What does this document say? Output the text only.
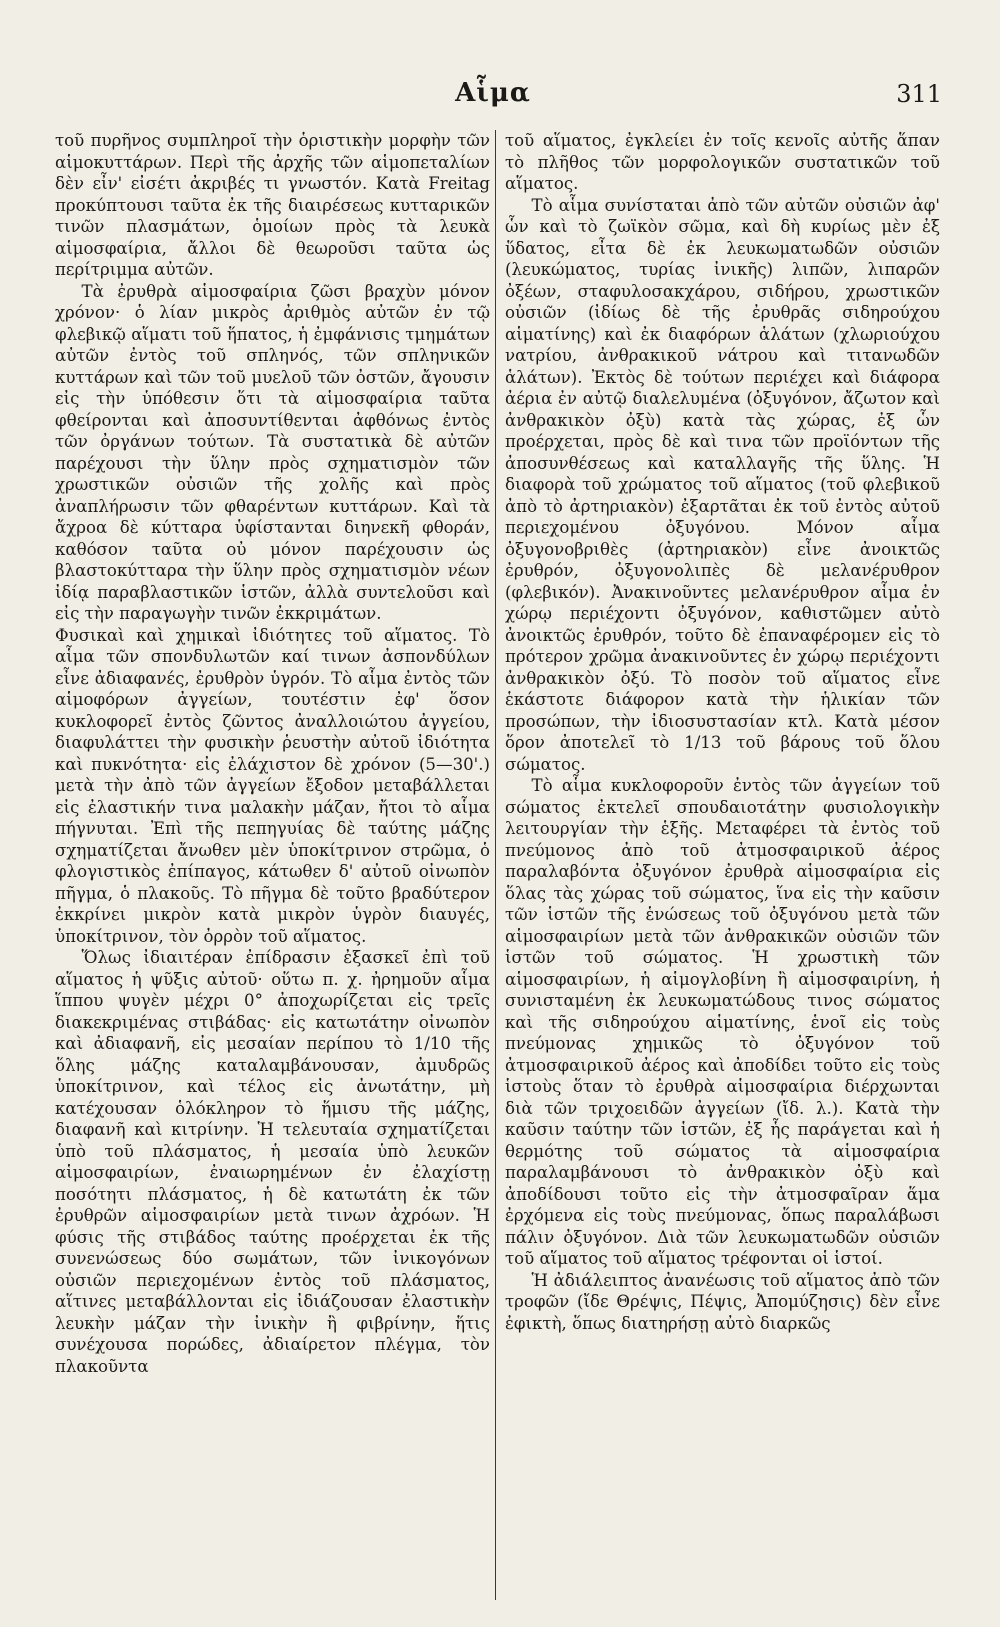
Αἷμα	311

τοῦ πυρῆνος συμπληροῖ τὴν ὁριστικὴν μορφὴν τῶν αἱμοκυττάρων. Περὶ τῆς ἀρχῆς τῶν αἱμοπεταλίων δὲν εἶν' εἰσέτι ἀκριβές τι γνωστόν. Κατὰ Freitag προκύπτουσι ταῦτα ἐκ τῆς διαιρέσεως κυτταρικῶν τινῶν πλασμάτων, ὁμοίων πρὸς τὰ λευκὰ αἱμοσφαίρια, ἄλλοι δὲ θεωροῦσι ταῦτα ὡς περίτριμμα αὐτῶν.

Τὰ ἐρυθρὰ αἱμοσφαίρια ζῶσι βραχὺν μόνον χρόνον· ὁ λίαν μικρὸς ἀριθμὸς αὐτῶν ἐν τῷ φλεβικῷ αἵματι τοῦ ἥπατος, ἡ ἐμφάνισις τμημάτων αὐτῶν ἐντὸς τοῦ σπληνός, τῶν σπληνικῶν κυττάρων καὶ τῶν τοῦ μυελοῦ τῶν ὀστῶν, ἄγουσιν εἰς τὴν ὑπόθεσιν ὅτι τὰ αἱμοσφαίρια ταῦτα φθείρονται καὶ ἀποσυντίθενται ἀφθόνως ἐντὸς τῶν ὀργάνων τούτων. Τὰ συστατικὰ δὲ αὐτῶν παρέχουσι τὴν ὕλην πρὸς σχηματισμὸν τῶν χρωστικῶν οὐσιῶν τῆς χολῆς καὶ πρὸς ἀναπλήρωσιν τῶν φθαρέντων κυττάρων. Καὶ τὰ ἄχροα δὲ κύτταρα ὑφίστανται διηνεκῆ φθοράν, καθόσον ταῦτα οὐ μόνον παρέχουσιν ὡς βλαστοκύτταρα τὴν ὕλην πρὸς σχηματισμὸν νέων ἰδίᾳ παραβλαστικῶν ἱστῶν, ἀλλὰ συντελοῦσι καὶ εἰς τὴν παραγωγὴν τινῶν ἐκκριμάτων.

Φυσικαὶ καὶ χημικαὶ ἰδιότητες τοῦ αἵματος. Τὸ αἷμα τῶν σπονδυλωτῶν καί τινων ἀσπονδύλων εἶνε ἀδιαφανές, ἐρυθρὸν ὑγρόν. Τὸ αἷμα ἐντὸς τῶν αἱμοφόρων ἀγγείων, τουτέστιν ἐφ' ὅσον κυκλοφορεῖ ἐντὸς ζῶντος ἀναλλοιώτου ἀγγείου, διαφυλάττει τὴν φυσικὴν ῥευστὴν αὐτοῦ ἰδιότητα καὶ πυκνότητα· εἰς ἐλάχιστον δὲ χρόνον (5—30'.) μετὰ τὴν ἀπὸ τῶν ἀγγείων ἔξοδον μεταβάλλεται εἰς ἐλαστικήν τινα μαλακὴν μάζαν, ἤτοι τὸ αἷμα πήγνυται. Ἐπὶ τῆς πεπηγυίας δὲ ταύτης μάζης σχηματίζεται ἄνωθεν μὲν ὑποκίτρινον στρῶμα, ὁ φλογιστικὸς ἐπίπαγος, κάτωθεν δ' αὐτοῦ οἰνωπὸν πῆγμα, ὁ πλακοῦς. Τὸ πῆγμα δὲ τοῦτο βραδύτερον ἐκκρίνει μικρὸν κατὰ μικρὸν ὑγρὸν διαυγές, ὑποκίτρινον, τὸν ὀρρὸν τοῦ αἵματος.

Ὅλως ἰδιαιτέραν ἐπίδρασιν ἐξασκεῖ ἐπὶ τοῦ αἵματος ἡ ψῦξις αὐτοῦ· οὕτω π. χ. ἠρημοῦν αἷμα ἵππου ψυγὲν μέχρι 0° ἀποχωρίζεται εἰς τρεῖς διακεκριμένας στιβάδας· εἰς κατωτάτην οἰνωπὸν καὶ ἀδιαφανῆ, εἰς μεσαίαν περίπου τὸ 1/10 τῆς ὅλης μάζης καταλαμβάνουσαν, ἀμυδρῶς ὑποκίτρινον, καὶ τέλος εἰς ἀνωτάτην, μὴ κατέχουσαν ὁλόκληρον τὸ ἥμισυ τῆς μάζης, διαφανῆ καὶ κιτρίνην. Ἡ τελευταία σχηματίζεται ὑπὸ τοῦ πλάσματος, ἡ μεσαία ὑπὸ λευκῶν αἱμοσφαιρίων, ἐναιωρημένων ἐν ἐλαχίστῃ ποσότητι πλάσματος, ἡ δὲ κατωτάτη ἐκ τῶν ἐρυθρῶν αἱμοσφαιρίων μετὰ τινων ἀχρόων. Ἡ φύσις τῆς στιβάδος ταύτης προέρχεται ἐκ τῆς συνενώσεως δύο σωμάτων, τῶν ἰνικογόνων οὐσιῶν περιεχομένων ἐντὸς τοῦ πλάσματος, αἵτινες μεταβάλλονται εἰς ἰδιάζουσαν ἐλαστικὴν λευκὴν μάζαν τὴν ἰνικὴν ἢ φιβρίνην, ἥτις συνέχουσα πορώδες, ἀδιαίρετον πλέγμα, τὸν πλακοῦντα

τοῦ αἵματος, ἐγκλείει ἐν τοῖς κενοῖς αὐτῆς ἅπαν τὸ πλῆθος τῶν μορφολογικῶν συστατικῶν τοῦ αἵματος.

Τὸ αἷμα συνίσταται ἀπὸ τῶν αὐτῶν οὐσιῶν ἀφ' ὧν καὶ τὸ ζωϊκὸν σῶμα, καὶ δὴ κυρίως μὲν ἐξ ὕδατος, εἶτα δὲ ἐκ λευκωματωδῶν οὐσιῶν (λευκώματος, τυρίας ἰνικῆς) λιπῶν, λιπαρῶν ὀξέων, σταφυλοσακχάρου, σιδήρου, χρωστικῶν οὐσιῶν (ἰδίως δὲ τῆς ἐρυθρᾶς σιδηρούχου αἱματίνης) καὶ ἐκ διαφόρων ἁλάτων (χλωριούχου νατρίου, ἀνθρακικοῦ νάτρου καὶ τιτανωδῶν ἁλάτων). Ἐκτὸς δὲ τούτων περιέχει καὶ διάφορα ἀέρια ἐν αὐτῷ διαλελυμένα (ὀξυγόνον, ἄζωτον καὶ ἀνθρακικὸν ὀξὺ) κατὰ τὰς χώρας, ἐξ ὧν προέρχεται, πρὸς δὲ καὶ τινα τῶν προϊόντων τῆς ἀποσυνθέσεως καὶ καταλλαγῆς τῆς ὕλης. Ἡ διαφορὰ τοῦ χρώματος τοῦ αἵματος (τοῦ φλεβικοῦ ἀπὸ τὸ ἀρτηριακὸν) ἐξαρτᾶται ἐκ τοῦ ἐντὸς αὐτοῦ περιεχομένου ὀξυγόνου. Μόνον αἷμα ὀξυγονοβριθὲς (ἀρτηριακὸν) εἶνε ἀνοικτῶς ἐρυθρόν, ὀξυγονολιπὲς δὲ μελανέρυθρον (φλεβικόν). Ἀνακινοῦντες μελανέρυθρον αἷμα ἐν χώρῳ περιέχοντι ὀξυγόνον, καθιστῶμεν αὐτὸ ἀνοικτῶς ἐρυθρόν, τοῦτο δὲ ἐπαναφέρομεν εἰς τὸ πρότερον χρῶμα ἀνακινοῦντες ἐν χώρῳ περιέχοντι ἀνθρακικὸν ὀξύ. Τὸ ποσὸν τοῦ αἵματος εἶνε ἑκάστοτε διάφορον κατὰ τὴν ἡλικίαν τῶν προσώπων, τὴν ἰδιοσυστασίαν κτλ. Κατὰ μέσον ὅρον ἀποτελεῖ τὸ 1/13 τοῦ βάρους τοῦ ὅλου σώματος.

Τὸ αἷμα κυκλοφοροῦν ἐντὸς τῶν ἀγγείων τοῦ σώματος ἐκτελεῖ σπουδαιοτάτην φυσιολογικὴν λειτουργίαν τὴν ἑξῆς. Μεταφέρει τὰ ἐντὸς τοῦ πνεύμονος ἀπὸ τοῦ ἀτμοσφαιρικοῦ ἀέρος παραλαβόντα ὀξυγόνον ἐρυθρὰ αἱμοσφαίρια εἰς ὅλας τὰς χώρας τοῦ σώματος, ἵνα εἰς τὴν καῦσιν τῶν ἱστῶν τῆς ἑνώσεως τοῦ ὀξυγόνου μετὰ τῶν αἱμοσφαιρίων μετὰ τῶν ἀνθρακικῶν οὐσιῶν τῶν ἱστῶν τοῦ σώματος. Ἡ χρωστικὴ τῶν αἱμοσφαιρίων, ἡ αἱμογλοβίνη ἢ αἱμοσφαιρίνη, ἡ συνισταμένη ἐκ λευκωματώδους τινος σώματος καὶ τῆς σιδηρούχου αἱματίνης, ἑνοῖ εἰς τοὺς πνεύμονας χημικῶς τὸ ὀξυγόνον τοῦ ἀτμοσφαιρικοῦ ἀέρος καὶ ἀποδίδει τοῦτο εἰς τοὺς ἱστοὺς ὅταν τὸ ἐρυθρὰ αἱμοσφαίρια διέρχωνται διὰ τῶν τριχοειδῶν ἀγγείων (ἴδ. λ.). Κατὰ τὴν καῦσιν ταύτην τῶν ἱστῶν, ἐξ ἧς παράγεται καὶ ἡ θερμότης τοῦ σώματος τὰ αἱμοσφαίρια παραλαμβάνουσι τὸ ἀνθρακικὸν ὀξὺ καὶ ἀποδίδουσι τοῦτο εἰς τὴν ἀτμοσφαῖραν ἅμα ἐρχόμενα εἰς τοὺς πνεύμονας, ὅπως παραλάβωσι πάλιν ὀξυγόνον. Διὰ τῶν λευκωματωδῶν οὐσιῶν τοῦ αἵματος τοῦ αἵματος τρέφονται οἱ ἱστοί.

Ἡ ἀδιάλειπτος ἀνανέωσις τοῦ αἵματος ἀπὸ τῶν τροφῶν (ἴδε Θρέψις, Πέψις, Ἀπομύζησις) δὲν εἶνε ἐφικτὴ, ὅπως διατηρήσῃ αὐτὸ διαρκῶς
